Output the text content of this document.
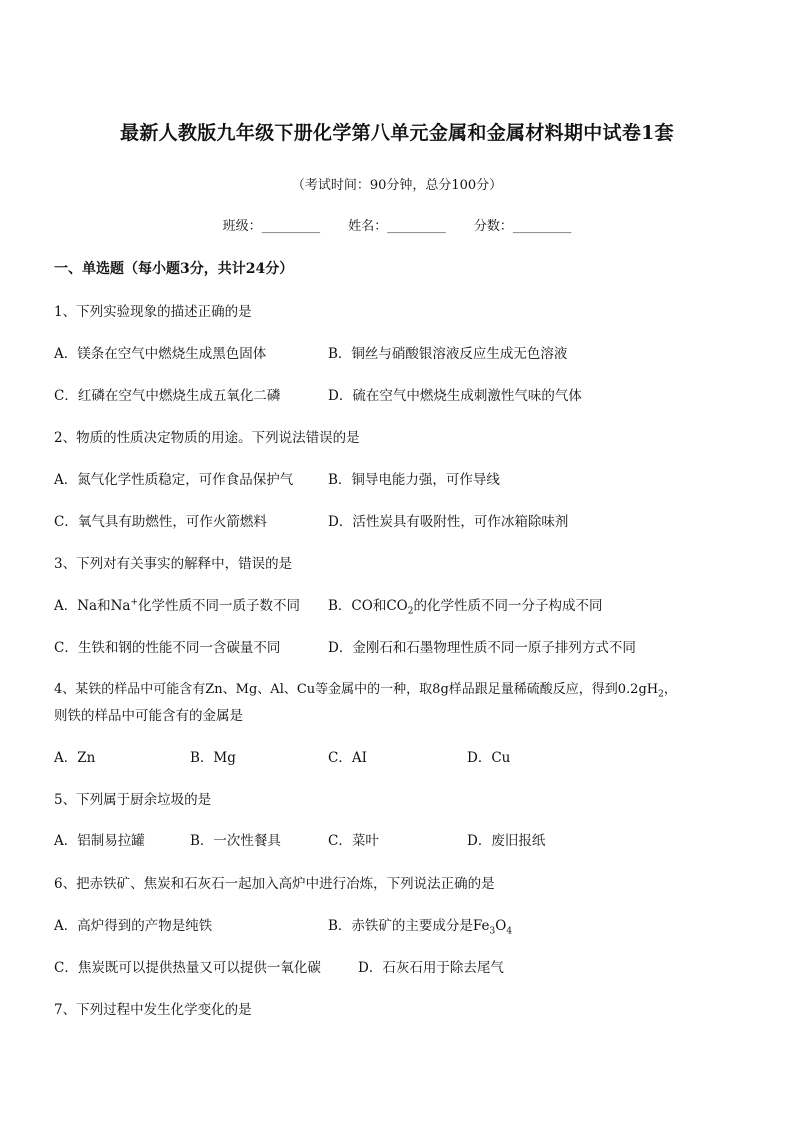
最新人教版九年级下册化学第八单元金属和金属材料期中试卷1套
（考试时间：90分钟，总分100分）
班级：_________ 姓名：_________ 分数：_________
一、单选题（每小题3分，共计24分）
1、下列实验现象的描述正确的是
A．镁条在空气中燃烧生成黑色固体	B．铜丝与硝酸银溶液反应生成无色溶液
C．红磷在空气中燃烧生成五氧化二磷	D．硫在空气中燃烧生成刺激性气味的气体
2、物质的性质决定物质的用途。下列说法错误的是
A．氮气化学性质稳定，可作食品保护气	B．铜导电能力强，可作导线
C．氧气具有助燃性，可作火箭燃料	D．活性炭具有吸附性，可作冰箱除味剂
3、下列对有关事实的解释中，错误的是
A．Na和Na+化学性质不同一质子数不同 B．CO和$CO_2$的化学性质不同一分子构成不同
C．生铁和钢的性能不同一含碳量不同	D．金刚石和石墨物理性质不同一原子排列方式不同
4、某铁的样品中可能含有Zn、Mg、Al、Cu等金属中的一种，取8g样品跟足量稀硫酸反应，得到$0.2gH_2$，
则铁的样品中可能含有的金属是
A．Zn	B．Mg	C．AI	D．Cu
5、下列属于厨余垃圾的是
A．铝制易拉罐	B．一次性餐具	C．菜叶	D．废旧报纸
6、把赤铁矿、焦炭和石灰石一起加入高炉中进行冶炼，下列说法正确的是
A．高炉得到的产物是纯铁	B．赤铁矿的主要成分是$Fe_3O_4$
C．焦炭既可以提供热量又可以提供一氧化碳	D．石灰石用于除去尾气
7、下列过程中发生化学变化的是
